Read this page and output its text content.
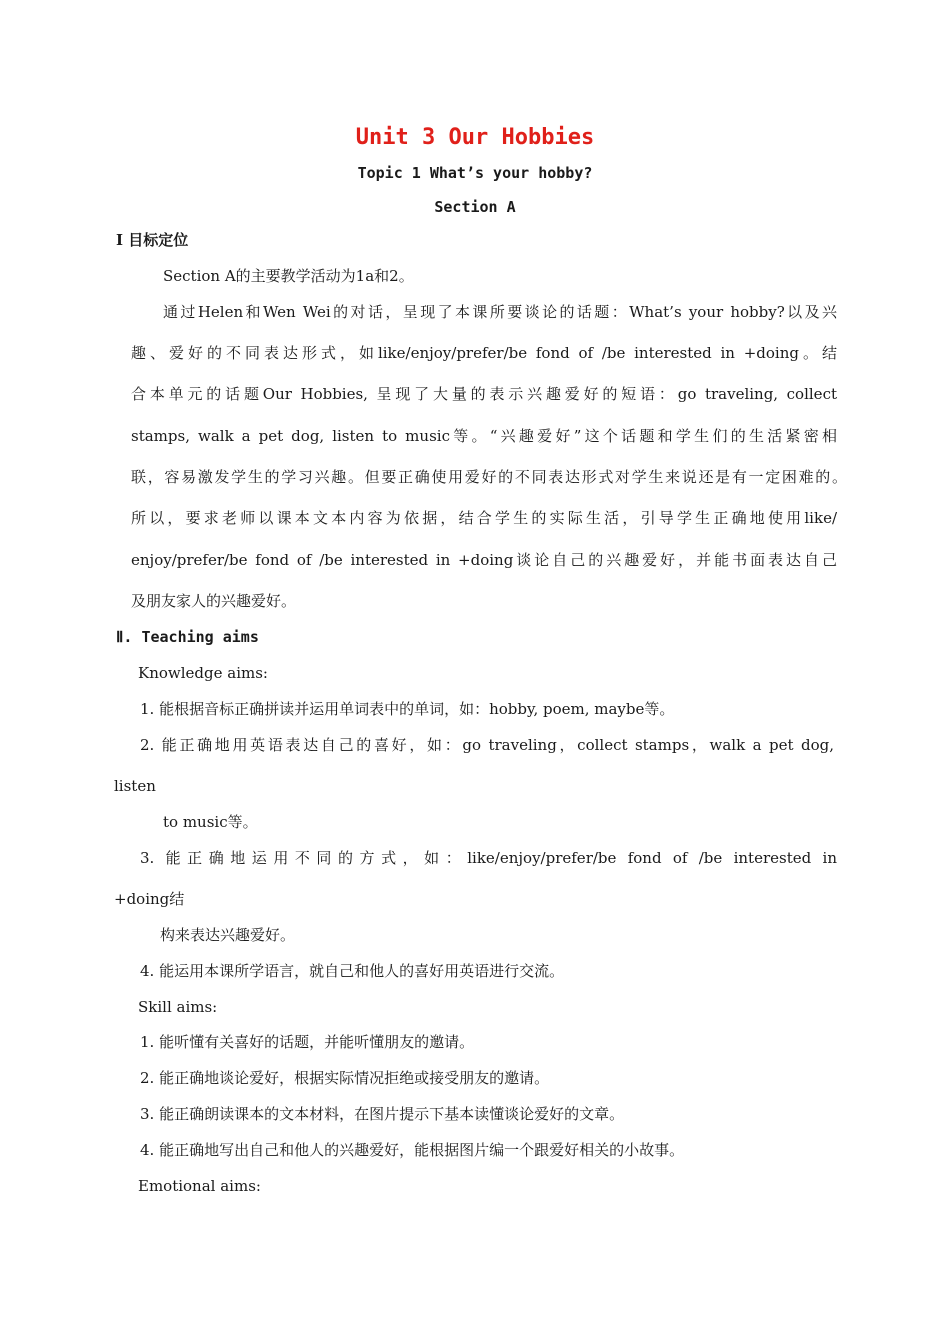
Unit 3 Our Hobbies
Topic 1 What’s your hobby?
Section A
Ⅰ 目标定位
Section A的主要教学活动为1a和2。
通过Helen和Wen Wei的对话，呈现了本课所要谈论的话题：What’s your hobby?以及兴
趣、爱好的不同表达形式，如like/enjoy/prefer/be fond of /be interested in +doing。结
合本单元的话题Our Hobbies, 呈现了大量的表示兴趣爱好的短语：go traveling, collect
stamps, walk a pet dog, listen to music等。“兴趣爱好”这个话题和学生们的生活紧密相
联，容易激发学生的学习兴趣。但要正确使用爱好的不同表达形式对学生来说还是有一定困难的。
所以，要求老师以课本文本内容为依据，结合学生的实际生活，引导学生正确地使用like/
enjoy/prefer/be fond of /be interested in +doing谈论自己的兴趣爱好，并能书面表达自己
及朋友家人的兴趣爱好。
Ⅱ. Teaching aims
Knowledge aims:
1. 能根据音标正确拼读并运用单词表中的单词，如：hobby, poem, maybe等。
2. 能正确地用英语表达自己的喜好，如：go traveling，collect stamps，walk a pet dog,
listen
to music等。
3. 能正确地运用不同的方式，如：like/enjoy/prefer/be fond of /be interested in
+doing结
构来表达兴趣爱好。
4. 能运用本课所学语言，就自己和他人的喜好用英语进行交流。
Skill aims:
1. 能听懂有关喜好的话题，并能听懂朋友的邀请。
2. 能正确地谈论爱好，根据实际情况拒绝或接受朋友的邀请。
3. 能正确朗读课本的文本材料，在图片提示下基本读懂谈论爱好的文章。
4. 能正确地写出自己和他人的兴趣爱好，能根据图片编一个跟爱好相关的小故事。
Emotional aims:
